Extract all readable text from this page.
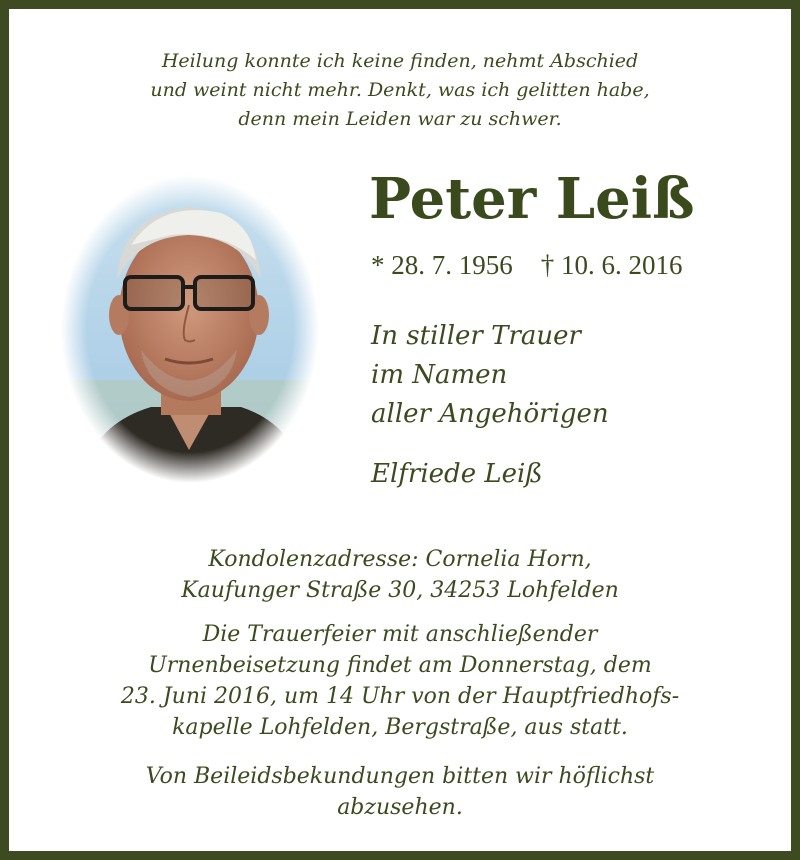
Heilung konnte ich keine finden, nehmt Abschied
und weint nicht mehr. Denkt, was ich gelitten habe,
denn mein Leiden war zu schwer.
Peter Leiß
* 28. 7. 1956 † 10. 6. 2016
In stiller Trauer
im Namen
aller Angehörigen
Elfriede Leiß
Kondolenzadresse: Cornelia Horn,
Kaufunger Straße 30, 34253 Lohfelden
Die Trauerfeier mit anschließender
Urnenbeisetzung findet am Donnerstag, dem
23. Juni 2016, um 14 Uhr von der Hauptfriedhofs-
kapelle Lohfelden, Bergstraße, aus statt.
Von Beileidsbekundungen bitten wir höflichst
abzusehen.
